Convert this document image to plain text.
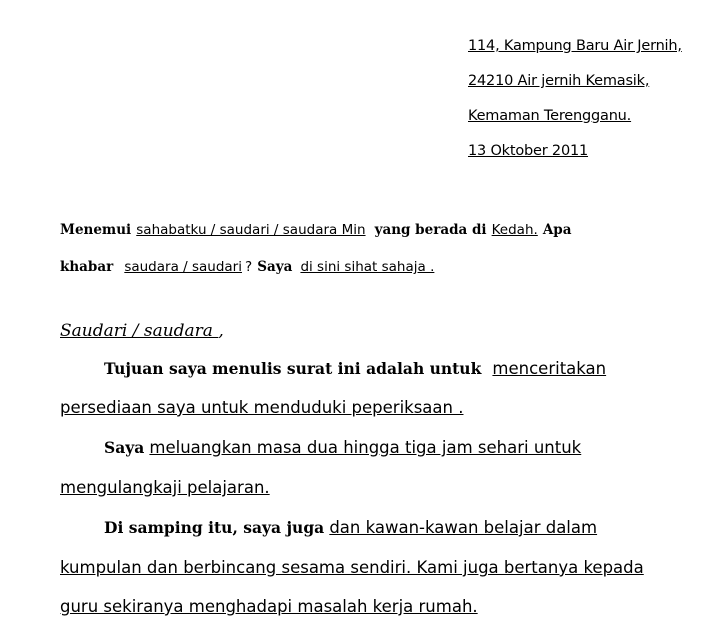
114, Kampung Baru Air Jernih,
24210 Air jernih Kemasik,
Kemaman Terengganu.
13 Oktober 2011
Menemui sahabatku / saudari / saudara Min yang berada di Kedah. Apa
khabar saudara / saudari ? Saya di sini sihat sahaja .
Saudari / saudara ,
Tujuan saya menulis surat ini adalah untuk menceritakan
persediaan saya untuk menduduki peperiksaan .
Saya meluangkan masa dua hingga tiga jam sehari untuk
mengulangkaji pelajaran.
Di samping itu, saya juga dan kawan-kawan belajar dalam
kumpulan dan berbincang sesama sendiri. Kami juga bertanya kepada
guru sekiranya menghadapi masalah kerja rumah.
